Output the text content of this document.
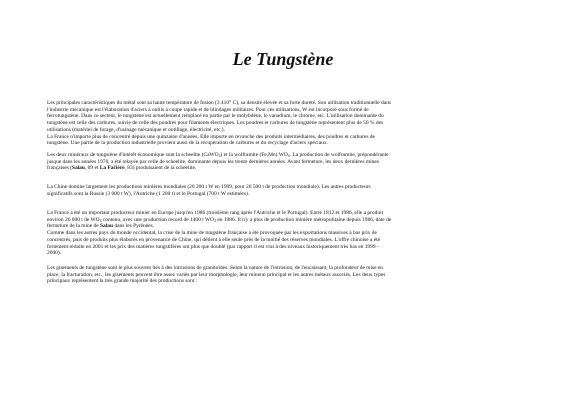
Le Tungstène
Les principales caractéristiques du métal sont sa haute température de fusion (3 410° C), sa densité élevée et sa forte dureté. Son utilisation traditionnelle dans
l'industrie mécanique est l'élaboration d'aciers à outils à coupe rapide et de blindages militaires. Pour ces utilisations, W est incorporé sous forme de
ferrotungstène. Dans ce secteur, le tungstène est actuellement remplacé en partie par le molybdène, le vanadium, le chrome, etc. L'utilisation dominante du
tungstène est celle des carbures, suivie de celle des poudres pour filaments électriques. Les poudres et carbures de tungstène représentent plus de 50 % des
utilisations (matériel de forage, d'usinage mécanique et outillage, électricité, etc.).
La France n'importe plus de concentré depuis une quinzaine d'années. Elle importe en revanche des produits intermédiaires, des poudres et carbures de
tungstène. Une partie de la production industrielle provient aussi de la récupération de carbures et du recyclage d'aciers spéciaux.
Les deux minéraux de tungstène d'intérêt économique sont la scheelite (CaWO$_4$) et la wolframite (Fe,Mn) $WO_4$. La production de wolframite, prépondérante
jusque dans les années 1970, a été relayée par celle de scheelite, dominante depuis les trente dernières années. Avant fermeture, les deux dernières mines
françaises (Salau, 09 et La Fac̈ière, 83) produisaient de la scheelite.
La Chine domine largement les productions minières mondiales (20 200 t W en 1999, pour 26 500 t de production mondiale). Les autres producteurs
significatifs sont la Russie (3 000 t W), l'Autriche (1 200 t) et le Portugal (700 t W estimées).
La France a été un important producteur minier en Europe jusqu'en 1986 (troisième rang après l'Autriche et le Portugal). Entre 1812 et 1986, elle a produit
environ 26 000 t de $WO_3$ contenu, avec une production record de 1400 t $WO_3$ en 1986. Il n'y a plus de production minière métropolitaine depuis 1986, date de
fermeture de la mine de Salau dans les Pyrénées.
Comme dans les autres pays du monde occidental, la crise de la mine de tungstène française a été provoquée par les exportations massives à bas prix de
concentrés, puis de produits plus élaborés en provenance de Chine, qui détient à elle seule près de la moitié des réserves mondiales. L'offre chinoise a été
fortement réduite en 2001 et les prix des matières tungstifères ont plus que doublé (par rapport il est vrai à des niveaux historiquement très bas en 1999 –
2000).
Les gisements de tungstène sont le plus souvent liés à des intrusions de granitoïdes. Selon la nature de l'intrusion, de l'encaissant, la profondeur de mise en
place, la fracturation, etc., les gisements peuvent être assez variés par leur morphologie, leur minerai principal et les autres métaux associés. Les deux types
principaux représentent la très grande majorité des productions sont :
